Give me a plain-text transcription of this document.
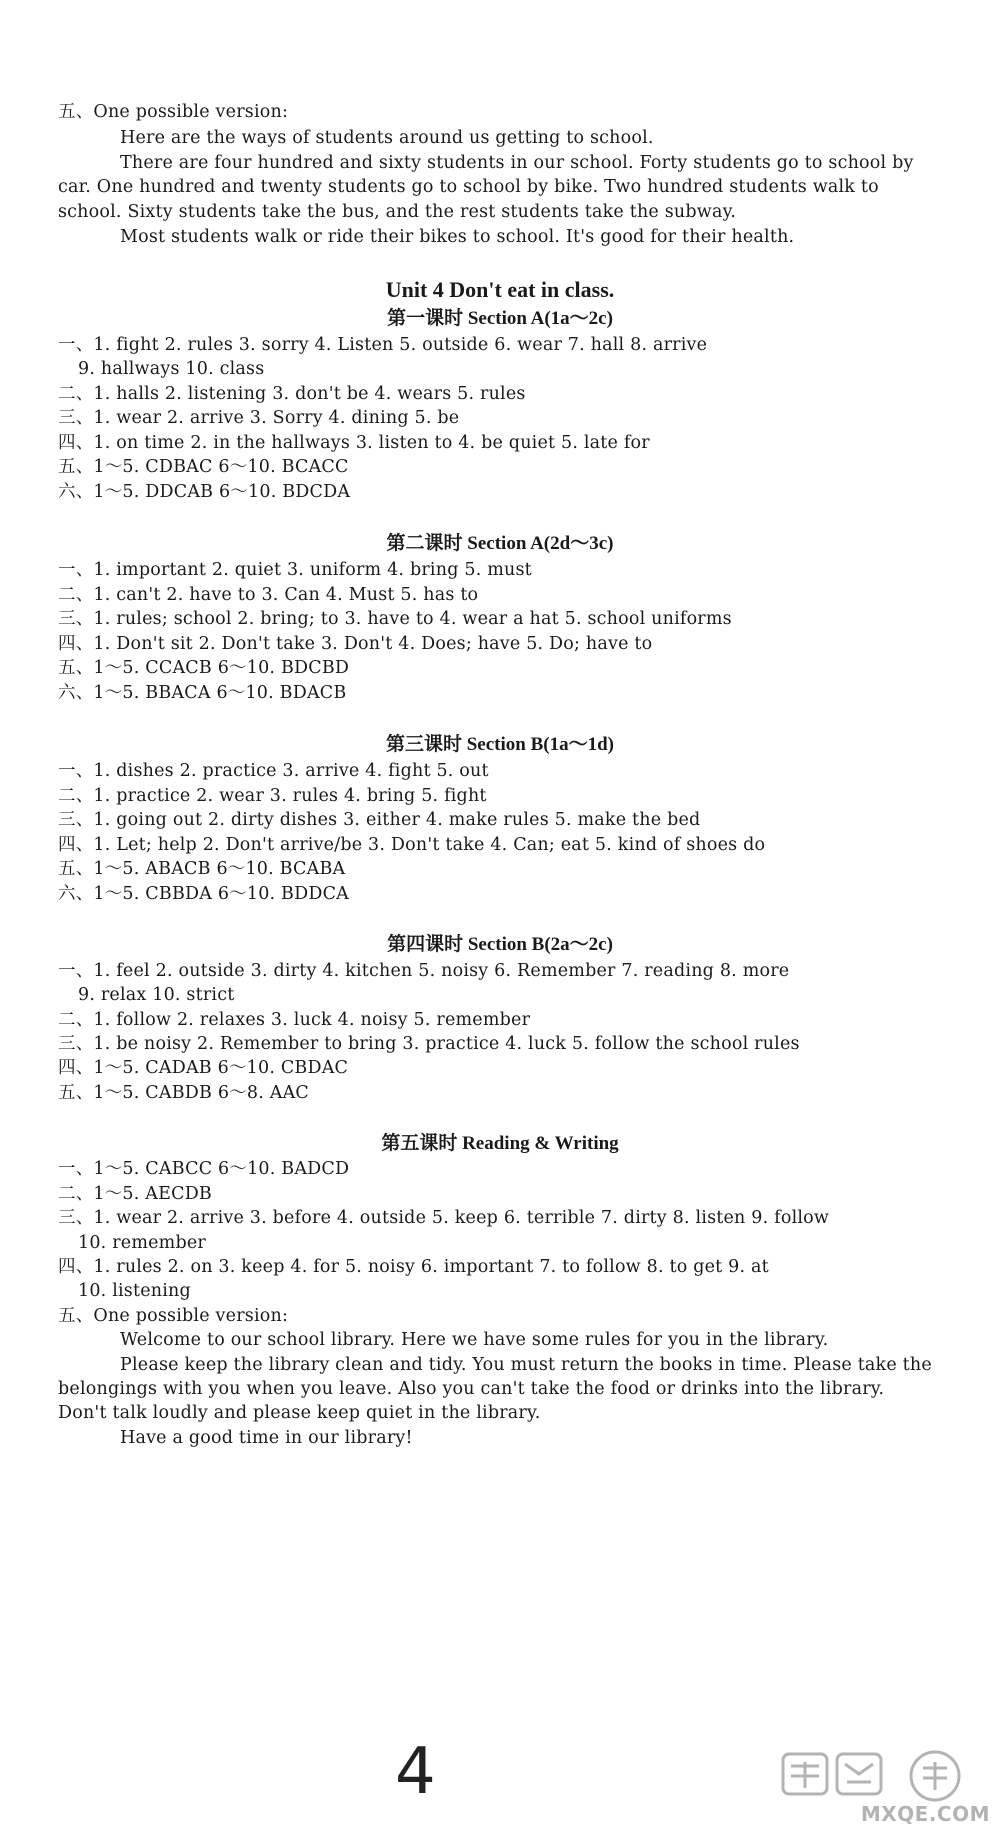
五、One possible version:
Here are the ways of students around us getting to school.
There are four hundred and sixty students in our school. Forty students go to school by
car. One hundred and twenty students go to school by bike. Two hundred students walk to
school. Sixty students take the bus, and the rest students take the subway.
Most students walk or ride their bikes to school. It's good for their health.
Unit 4 Don't eat in class.
第一课时 Section A(1a～2c)
一、1. fight 2. rules 3. sorry 4. Listen 5. outside 6. wear 7. hall 8. arrive
9. hallways 10. class
二、1. halls 2. listening 3. don't be 4. wears 5. rules
三、1. wear 2. arrive 3. Sorry 4. dining 5. be
四、1. on time 2. in the hallways 3. listen to 4. be quiet 5. late for
五、1～5. CDBAC 6～10. BCACC
六、1～5. DDCAB 6～10. BDCDA
第二课时 Section A(2d～3c)
一、1. important 2. quiet 3. uniform 4. bring 5. must
二、1. can't 2. have to 3. Can 4. Must 5. has to
三、1. rules; school 2. bring; to 3. have to 4. wear a hat 5. school uniforms
四、1. Don't sit 2. Don't take 3. Don't 4. Does; have 5. Do; have to
五、1～5. CCACB 6～10. BDCBD
六、1～5. BBACA 6～10. BDACB
第三课时 Section B(1a～1d)
一、1. dishes 2. practice 3. arrive 4. fight 5. out
二、1. practice 2. wear 3. rules 4. bring 5. fight
三、1. going out 2. dirty dishes 3. either 4. make rules 5. make the bed
四、1. Let; help 2. Don't arrive/be 3. Don't take 4. Can; eat 5. kind of shoes do
五、1～5. ABACB 6～10. BCABA
六、1～5. CBBDA 6～10. BDDCA
第四课时 Section B(2a～2c)
一、1. feel 2. outside 3. dirty 4. kitchen 5. noisy 6. Remember 7. reading 8. more
9. relax 10. strict
二、1. follow 2. relaxes 3. luck 4. noisy 5. remember
三、1. be noisy 2. Remember to bring 3. practice 4. luck 5. follow the school rules
四、1～5. CADAB 6～10. CBDAC
五、1～5. CABDB 6～8. AAC
第五课时 Reading & Writing
一、1～5. CABCC 6～10. BADCD
二、1～5. AECDB
三、1. wear 2. arrive 3. before 4. outside 5. keep 6. terrible 7. dirty 8. listen 9. follow
10. remember
四、1. rules 2. on 3. keep 4. for 5. noisy 6. important 7. to follow 8. to get 9. at
10. listening
五、One possible version:
Welcome to our school library. Here we have some rules for you in the library.
Please keep the library clean and tidy. You must return the books in time. Please take the
belongings with you when you leave. Also you can't take the food or drinks into the library.
Don't talk loudly and please keep quiet in the library.
Have a good time in our library!
4
MXQE.COM
